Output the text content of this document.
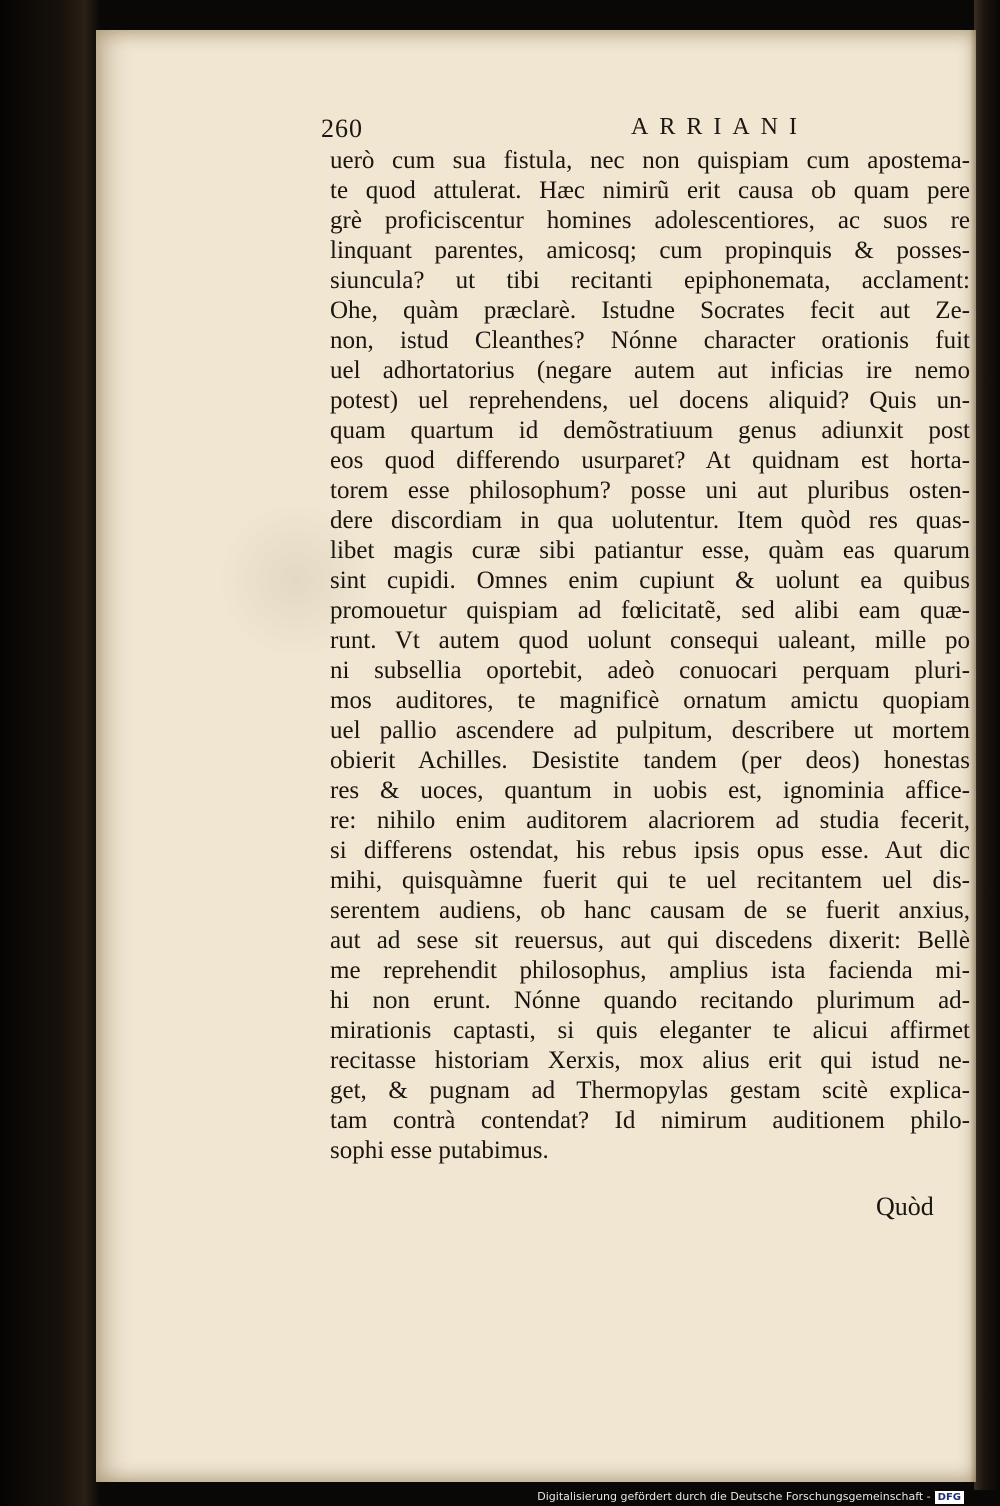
260	ARRIANI
uerò cum sua fistula, nec non quispiam cum apostema-
te quod attulerat. Hæc nimirũ erit causa ob quam pere
grè proficiscentur homines adolescentiores, ac suos re
linquant parentes, amicosq; cum propinquis & posses-
siuncula? ut tibi recitanti epiphonemata, acclament:
Ohe, quàm præclarè. Istudne Socrates fecit aut Ze-
non, istud Cleanthes? Nónne character orationis fuit
uel adhortatorius (negare autem aut inficias ire nemo
potest) uel reprehendens, uel docens aliquid? Quis un-
quam quartum id demõstratiuum genus adiunxit post
eos quod differendo usurparet? At quidnam est horta-
torem esse philosophum? posse uni aut pluribus osten-
dere discordiam in qua uolutentur. Item quòd res quas-
libet magis curæ sibi patiantur esse, quàm eas quarum
sint cupidi. Omnes enim cupiunt & uolunt ea quibus
promouetur quispiam ad fœlicitatẽ, sed alibi eam quæ-
runt. Vt autem quod uolunt consequi ualeant, mille po
ni subsellia oportebit, adeò conuocari perquam pluri-
mos auditores, te magnificè ornatum amictu quopiam
uel pallio ascendere ad pulpitum, describere ut mortem
obierit Achilles. Desistite tandem (per deos) honestas
res & uoces, quantum in uobis est, ignominia affice-
re: nihilo enim auditorem alacriorem ad studia fecerit,
si differens ostendat, his rebus ipsis opus esse. Aut dic
mihi, quisquàmne fuerit qui te uel recitantem uel dis-
serentem audiens, ob hanc causam de se fuerit anxius,
aut ad sese sit reuersus, aut qui discedens dixerit: Bellè
me reprehendit philosophus, amplius ista facienda mi-
hi non erunt. Nónne quando recitando plurimum ad-
mirationis captasti, si quis eleganter te alicui affirmet
recitasse historiam Xerxis, mox alius erit qui istud ne-
get, & pugnam ad Thermopylas gestam scitè explica-
tam contrà contendat? Id nimirum auditionem philo-
sophi esse putabimus.
Quòd
Digitalisierung gefördert durch die Deutsche Forschungsgemeinschaft - DFG
